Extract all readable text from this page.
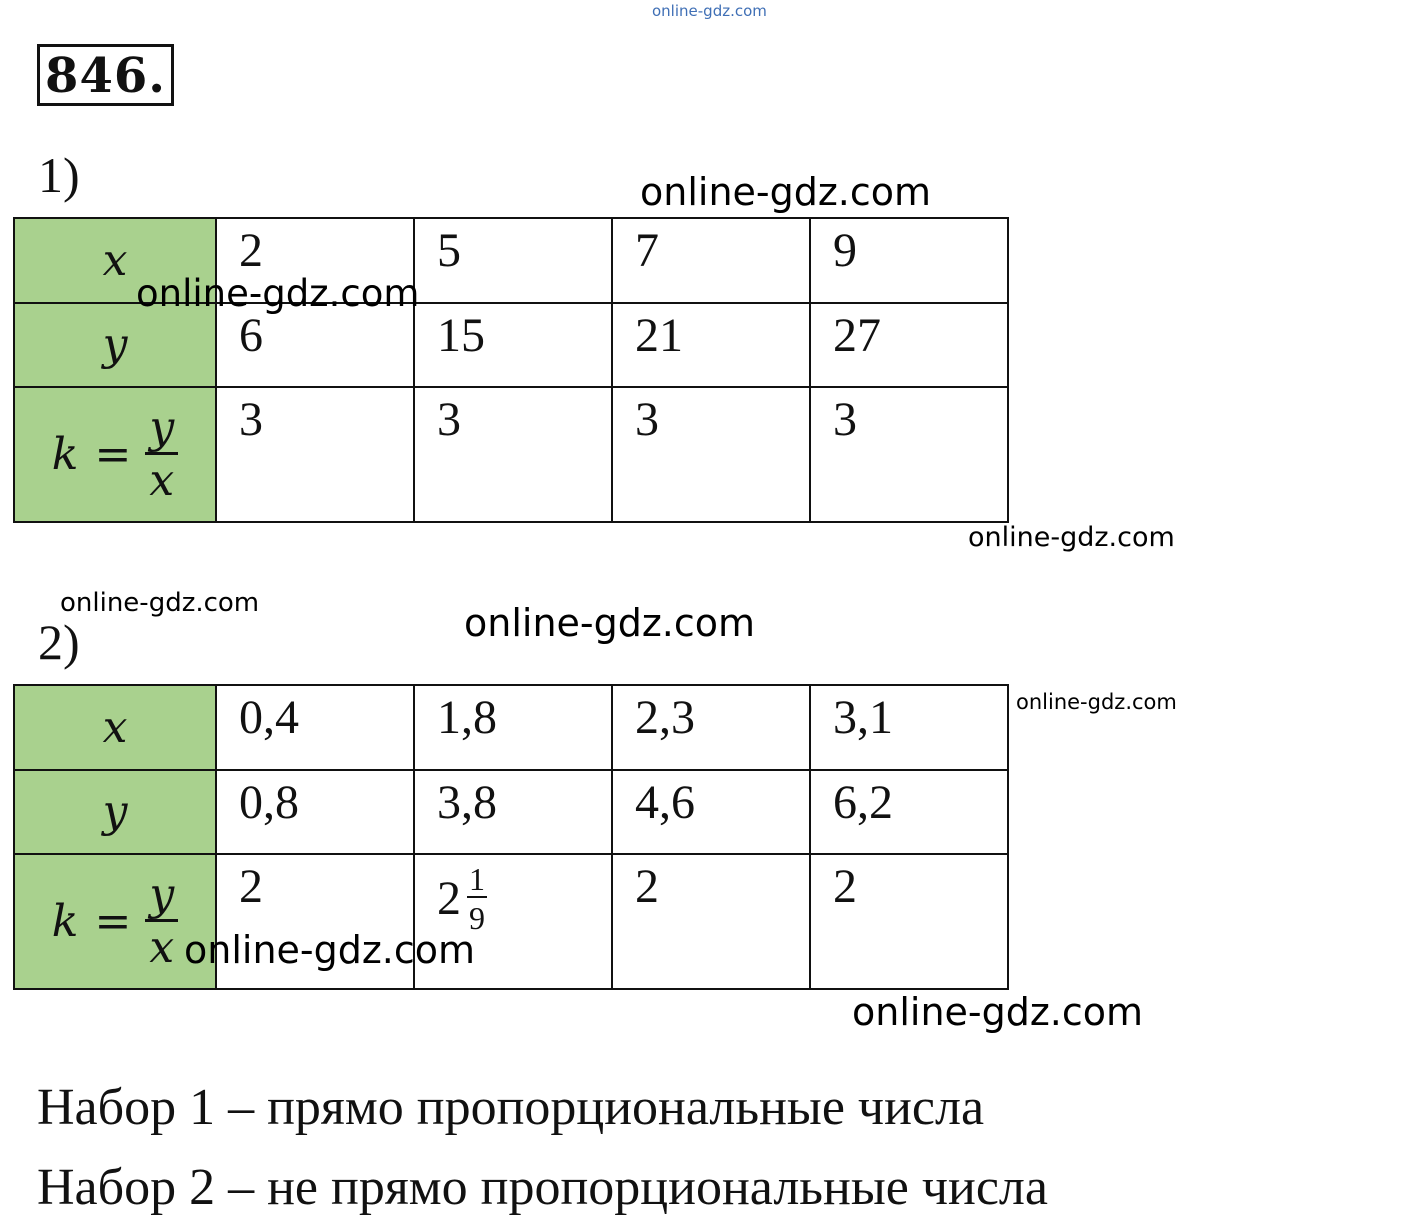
846.
1)
x	2	5	7	9
y	6	15	21	27

$k = \frac{y}{x}$	3	3	3	3
2)
x	0,4	1,8	2,3	3,1
y	0,8	3,8	4,6	6,2

$k = \frac{y}{x}$	2	$2 \frac{1}{9}$	2	2
Набор 1 – прямо пропорциональные числа
Набор 2 – не прямо пропорциональные числа
online-gdz.com
online-gdz.com
online-gdz.com
online-gdz.com
online-gdz.com	online-gdz.com
online-gdz.com
online-gdz.com
online-gdz.com
